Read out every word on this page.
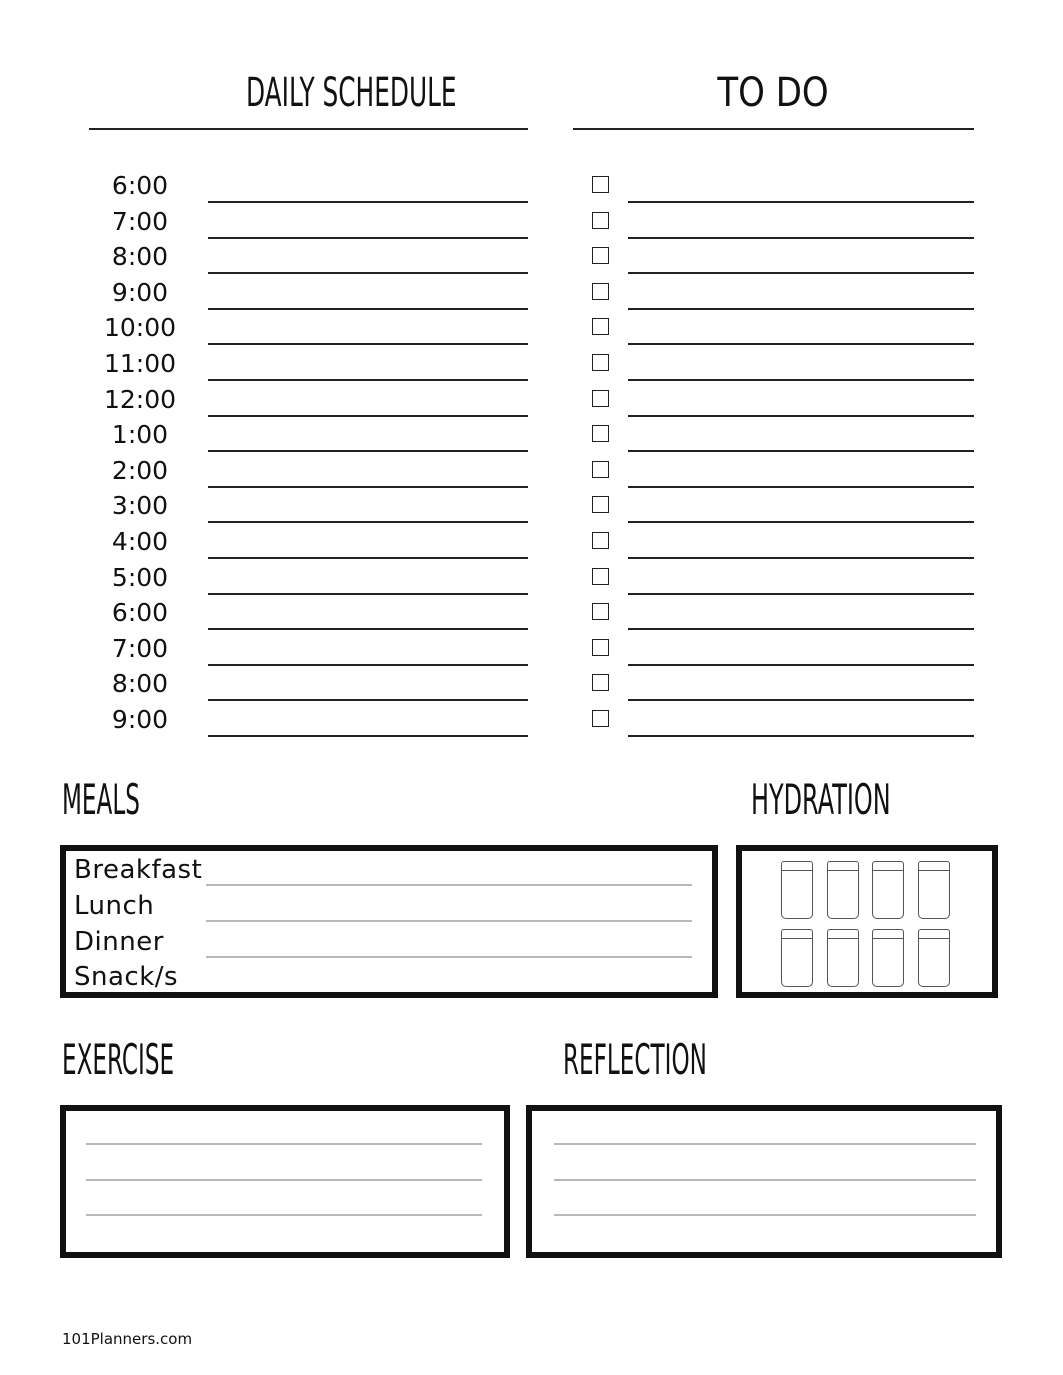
DAILY SCHEDULE	TO DO
6:00
7:00
8:00
9:00
10:00
11:00
12:00
1:00
2:00
3:00
4:00
5:00
6:00
7:00
8:00
9:00
MEALS
Breakfast
Lunch
Dinner
Snack/s
HYDRATION
EXERCISE	REFLECTION
101Planners.com
